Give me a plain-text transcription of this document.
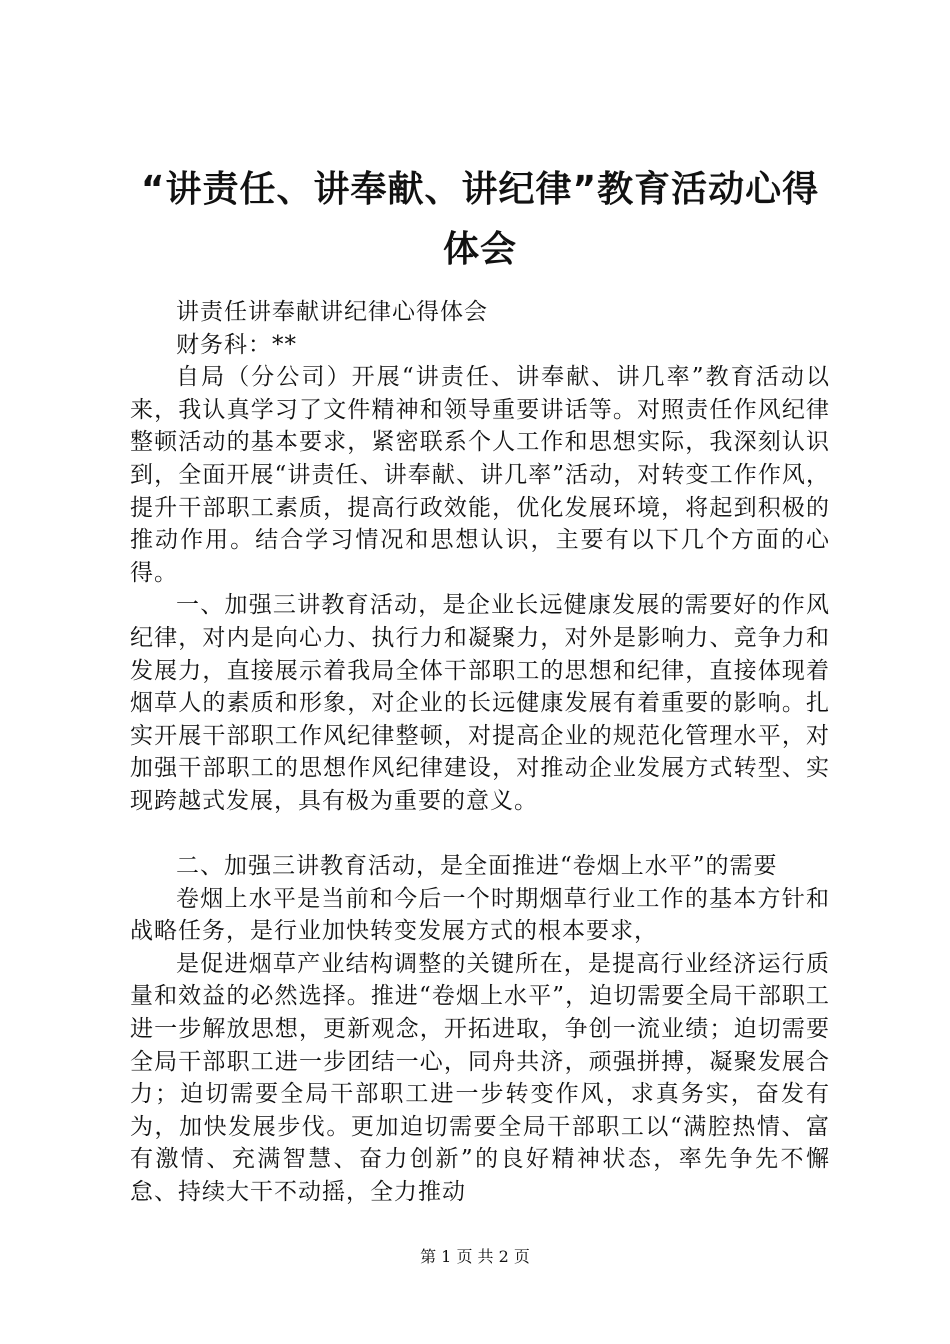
“讲责任、讲奉献、讲纪律”教育活动心得体会

讲责任讲奉献讲纪律心得体会

财务科：**

自局（分公司）开展“讲责任、讲奉献、讲几率”教育活动以来，我认真学习了文件精神和领导重要讲话等。对照责任作风纪律整顿活动的基本要求，紧密联系个人工作和思想实际，我深刻认识到，全面开展“讲责任、讲奉献、讲几率”活动，对转变工作作风，提升干部职工素质，提高行政效能，优化发展环境，将起到积极的推动作用。结合学习情况和思想认识，主要有以下几个方面的心得。

一、加强三讲教育活动，是企业长远健康发展的需要好的作风纪律，对内是向心力、执行力和凝聚力，对外是影响力、竞争力和发展力，直接展示着我局全体干部职工的思想和纪律，直接体现着烟草人的素质和形象，对企业的长远健康发展有着重要的影响。扎实开展干部职工作风纪律整顿，对提高企业的规范化管理水平，对加强干部职工的思想作风纪律建设，对推动企业发展方式转型、实现跨越式发展，具有极为重要的意义。

二、加强三讲教育活动，是全面推进“卷烟上水平”的需要

卷烟上水平是当前和今后一个时期烟草行业工作的基本方针和战略任务，是行业加快转变发展方式的根本要求，

是促进烟草产业结构调整的关键所在，是提高行业经济运行质量和效益的必然选择。推进“卷烟上水平”，迫切需要全局干部职工进一步解放思想，更新观念，开拓进取，争创一流业绩；迫切需要全局干部职工进一步团结一心，同舟共济，顽强拼搏，凝聚发展合力；迫切需要全局干部职工进一步转变作风，求真务实，奋发有为，加快发展步伐。更加迫切需要全局干部职工以“满腔热情、富有激情、充满智慧、奋力创新”的良好精神状态，率先争先不懈怠、持续大干不动摇，全力推动

第 1 页 共 2 页
